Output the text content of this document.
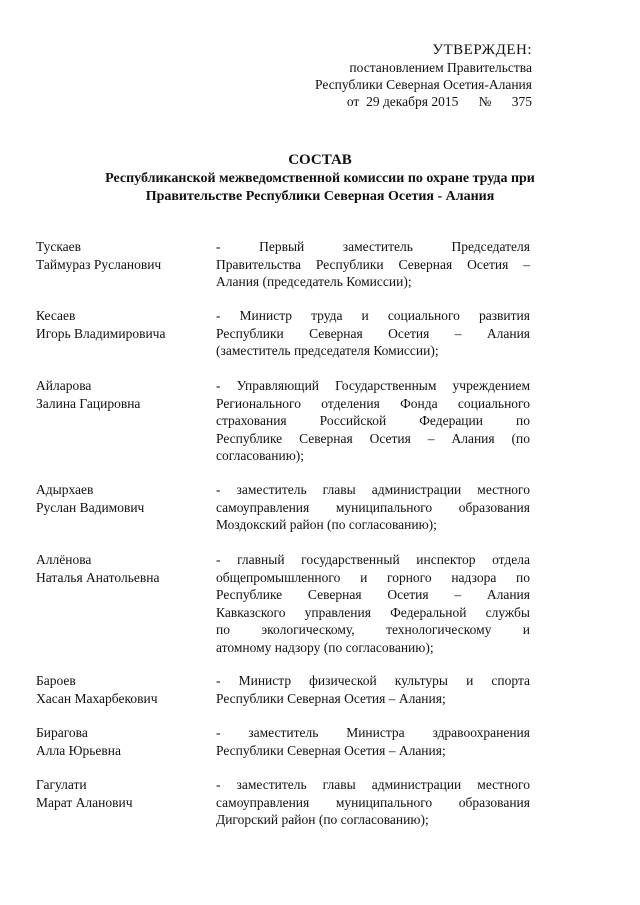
УТВЕРЖДЕН:
постановлением Правительства
Республики Северная Осетия-Алания
от 29 декабря 2015 № 375
СОСТАВ
Республиканской межведомственной комиссии по охране труда при
Правительстве Республики Северная Осетия - Алания
Тускаев
Таймураз Русланович
- Первый заместитель Председателя
Правительства Республики Северная Осетия –
Алания (председатель Комиссии);
Кесаев
Игорь Владимировича
- Министр труда и социального развития
Республики Северная Осетия – Алания
(заместитель председателя Комиссии);
Айларова
Залина Гацировна
- Управляющий Государственным учреждением
Регионального отделения Фонда социального
страхования Российской Федерации по
Республике Северная Осетия – Алания (по
согласованию);
Адырхаев
Руслан Вадимович
- заместитель главы администрации местного
самоуправления муниципального образования
Моздокский район (по согласованию);
Аллёнова
Наталья Анатольевна
- главный государственный инспектор отдела
общепромышленного и горного надзора по
Республике Северная Осетия – Алания
Кавказского управления Федеральной службы
по экологическому, технологическому и
атомному надзору (по согласованию);
Бароев
Хасан Махарбекович
- Министр физической культуры и спорта
Республики Северная Осетия – Алания;
Бирагова
Алла Юрьевна
- заместитель Министра здравоохранения
Республики Северная Осетия – Алания;
Гагулати
Марат Аланович
- заместитель главы администрации местного
самоуправления муниципального образования
Дигорский район (по согласованию);
